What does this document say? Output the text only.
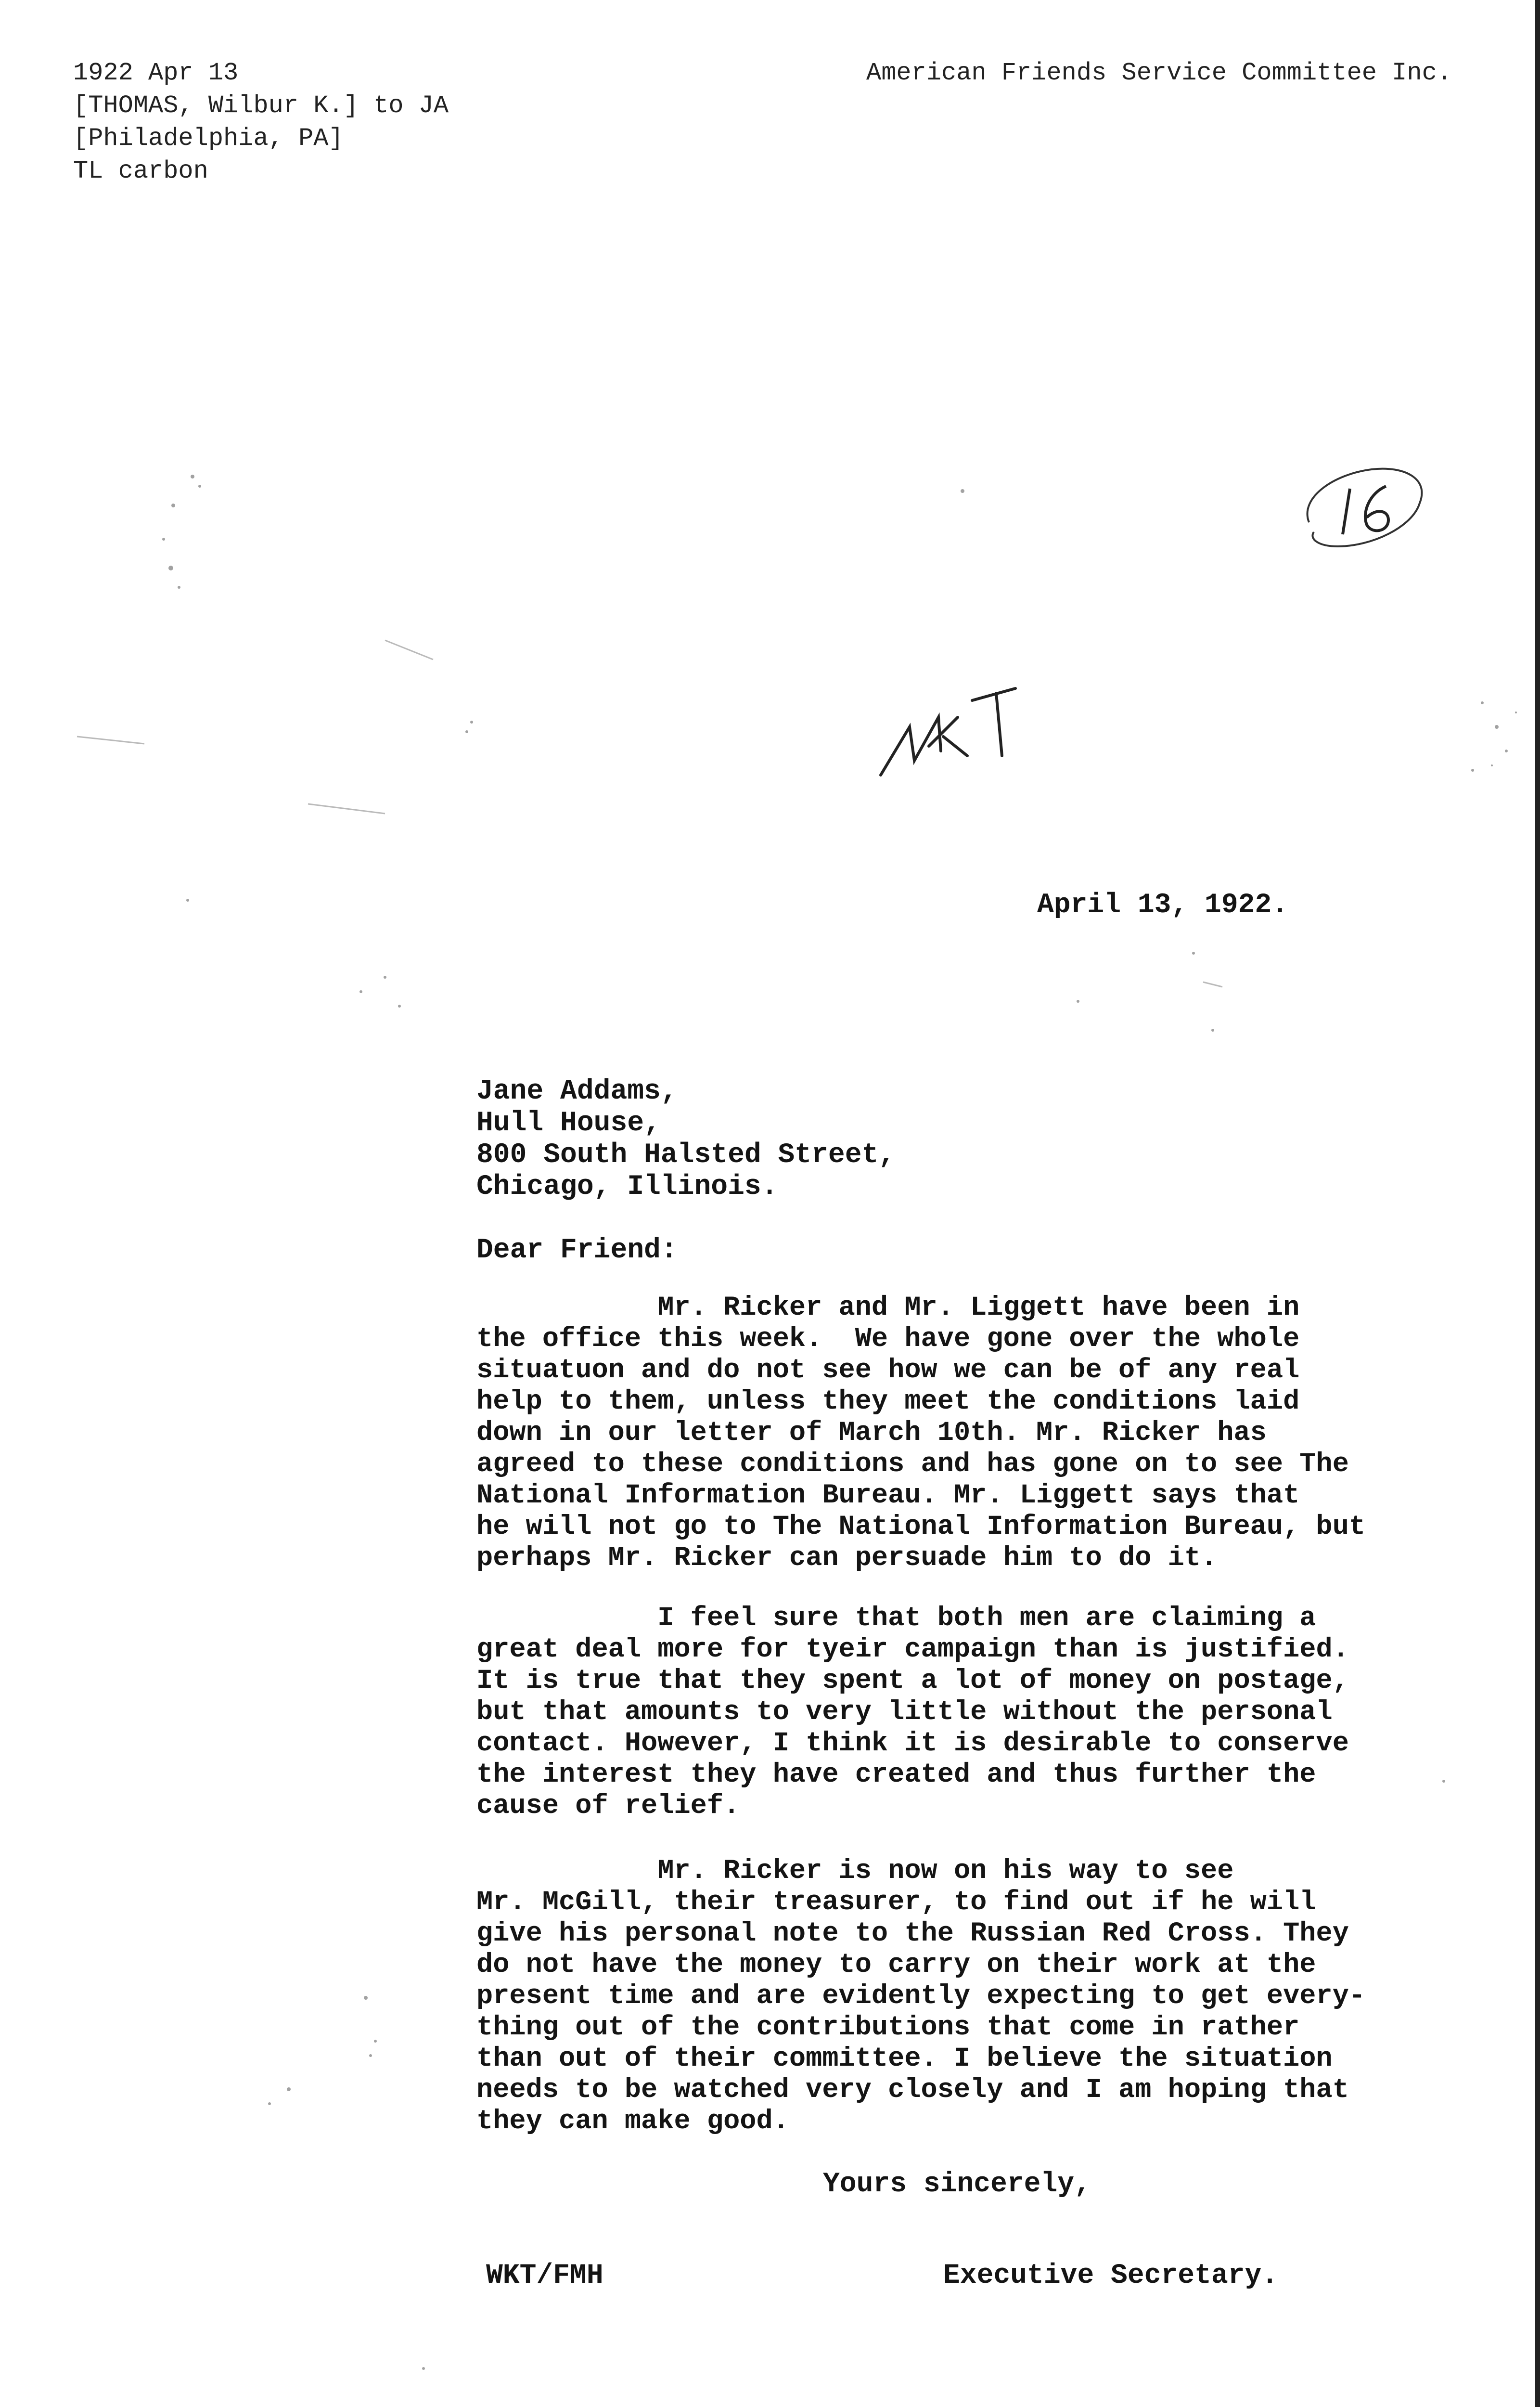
1922 Apr 13
[THOMAS, Wilbur K.] to JA
[Philadelphia, PA]
TL carbon
American Friends Service Committee Inc.
April 13, 1922.
Jane Addams,
Hull House,
800 South Halsted Street,
Chicago, Illinois.
Dear Friend:
Mr. Ricker and Mr. Liggett have been in
the office this week.  We have gone over the whole
situatuon and do not see how we can be of any real
help to them, unless they meet the conditions laid
down in our letter of March 10th. Mr. Ricker has
agreed to these conditions and has gone on to see The
National Information Bureau. Mr. Liggett says that
he will not go to The National Information Bureau, but
perhaps Mr. Ricker can persuade him to do it.
I feel sure that both men are claiming a
great deal more for tyeir campaign than is justified.
It is true that they spent a lot of money on postage,
but that amounts to very little without the personal
contact. However, I think it is desirable to conserve
the interest they have created and thus further the
cause of relief.
Mr. Ricker is now on his way to see
Mr. McGill, their treasurer, to find out if he will
give his personal note to the Russian Red Cross. They
do not have the money to carry on their work at the
present time and are evidently expecting to get every-
thing out of the contributions that come in rather
than out of their committee. I believe the situation
needs to be watched very closely and I am hoping that
they can make good.
Yours sincerely,
WKT/FMH	Executive Secretary.
